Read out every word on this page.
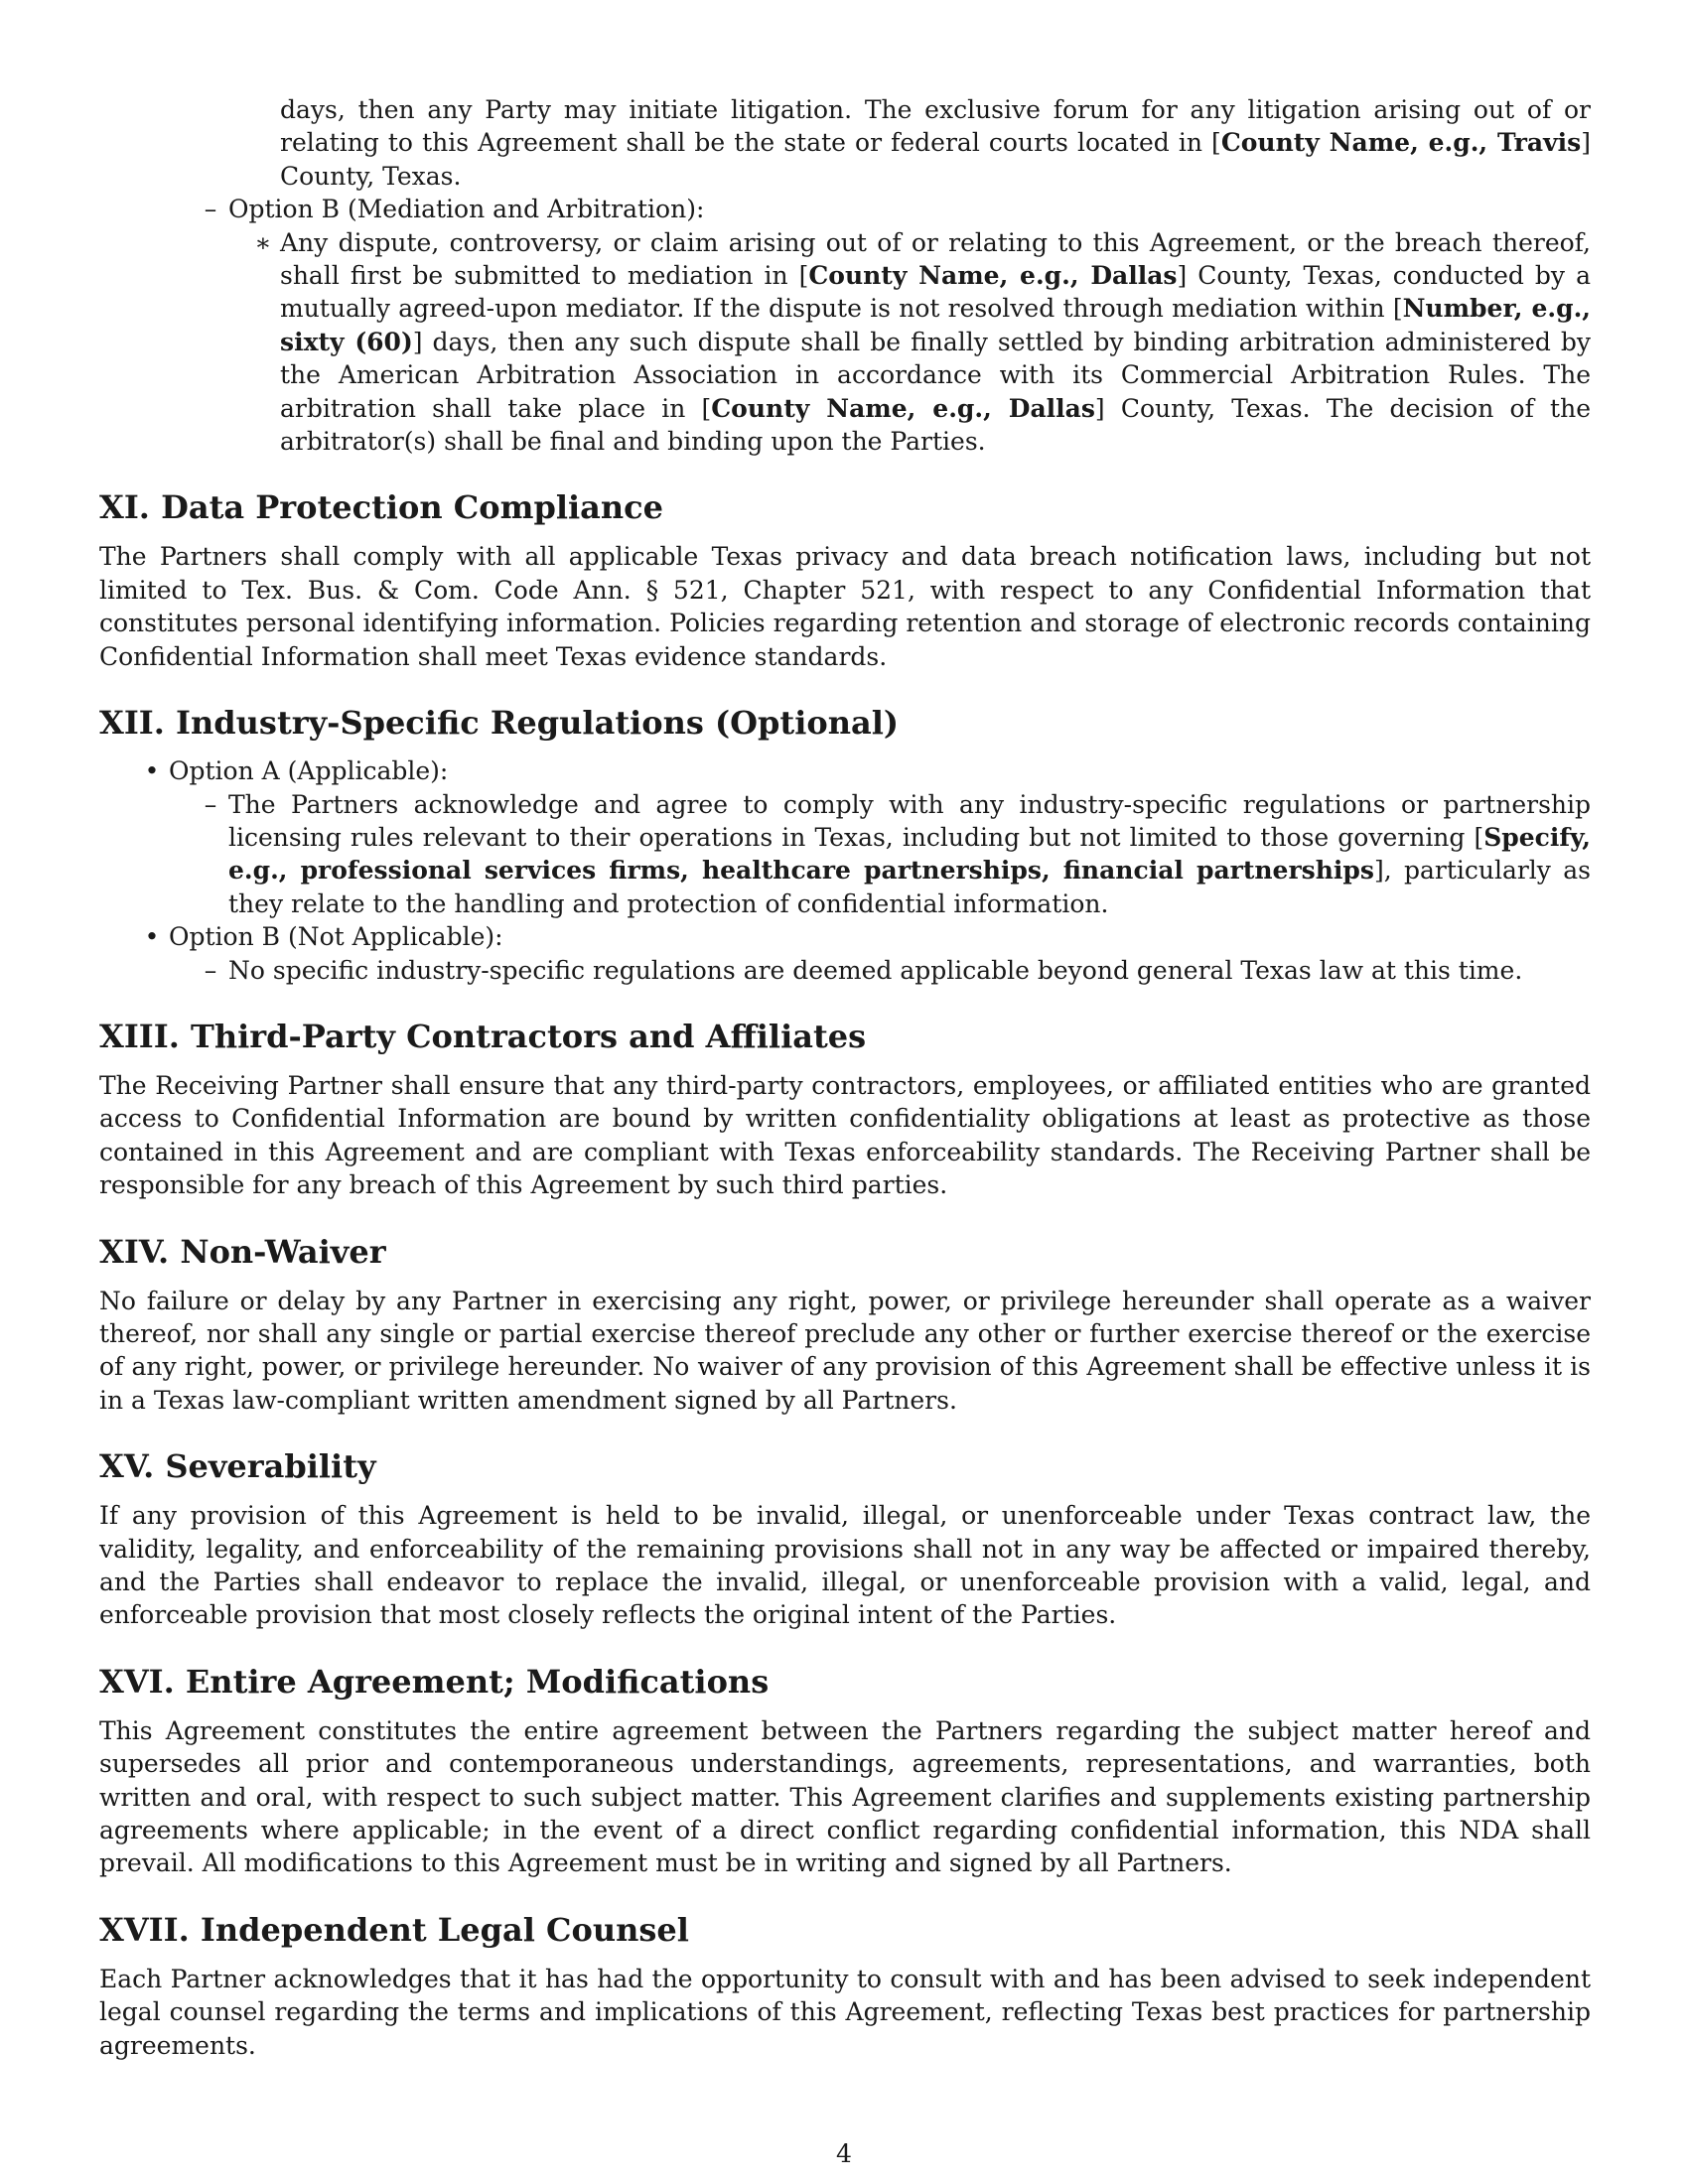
days, then any Party may initiate litigation. The exclusive forum for any litigation arising out of or relating to this Agreement shall be the state or federal courts located in [County Name, e.g., Travis] County, Texas.
– Option B (Mediation and Arbitration):
∗ Any dispute, controversy, or claim arising out of or relating to this Agreement, or the breach thereof, shall first be submitted to mediation in [County Name, e.g., Dallas] County, Texas, conducted by a mutually agreed-upon mediator. If the dispute is not resolved through mediation within [Number, e.g., sixty (60)] days, then any such dispute shall be finally settled by binding arbitration administered by the American Arbitration Association in accordance with its Commercial Arbitration Rules. The arbitration shall take place in [County Name, e.g., Dallas] County, Texas. The decision of the arbitrator(s) shall be final and binding upon the Parties.
XI. Data Protection Compliance

The Partners shall comply with all applicable Texas privacy and data breach notification laws, including but not limited to Tex. Bus. & Com. Code Ann. § 521, Chapter 521, with respect to any Confidential Information that constitutes personal identifying information. Policies regarding retention and storage of electronic records containing Confidential Information shall meet Texas evidence standards.

XII. Industry-Specific Regulations (Optional)
• Option A (Applicable):
– The Partners acknowledge and agree to comply with any industry-specific regulations or partnership licensing rules relevant to their operations in Texas, including but not limited to those governing [Specify, e.g., professional services firms, healthcare partnerships, financial partnerships], particularly as they relate to the handling and protection of confidential information.
• Option B (Not Applicable):
– No specific industry-specific regulations are deemed applicable beyond general Texas law at this time.
XIII. Third-Party Contractors and Affiliates

The Receiving Partner shall ensure that any third-party contractors, employees, or affiliated entities who are granted access to Confidential Information are bound by written confidentiality obligations at least as protective as those contained in this Agreement and are compliant with Texas enforceability standards. The Receiving Partner shall be responsible for any breach of this Agreement by such third parties.

XIV. Non-Waiver

No failure or delay by any Partner in exercising any right, power, or privilege hereunder shall operate as a waiver thereof, nor shall any single or partial exercise thereof preclude any other or further exercise thereof or the exercise of any right, power, or privilege hereunder. No waiver of any provision of this Agreement shall be effective unless it is in a Texas law-compliant written amendment signed by all Partners.

XV. Severability

If any provision of this Agreement is held to be invalid, illegal, or unenforceable under Texas contract law, the validity, legality, and enforceability of the remaining provisions shall not in any way be affected or impaired thereby, and the Parties shall endeavor to replace the invalid, illegal, or unenforceable provision with a valid, legal, and enforceable provision that most closely reflects the original intent of the Parties.

XVI. Entire Agreement; Modifications

This Agreement constitutes the entire agreement between the Partners regarding the subject matter hereof and supersedes all prior and contemporaneous understandings, agreements, representations, and warranties, both written and oral, with respect to such subject matter. This Agreement clarifies and supplements existing partnership agreements where applicable; in the event of a direct conflict regarding confidential information, this NDA shall prevail. All modifications to this Agreement must be in writing and signed by all Partners.

XVII. Independent Legal Counsel

Each Partner acknowledges that it has had the opportunity to consult with and has been advised to seek independent legal counsel regarding the terms and implications of this Agreement, reflecting Texas best practices for partnership agreements.

4
